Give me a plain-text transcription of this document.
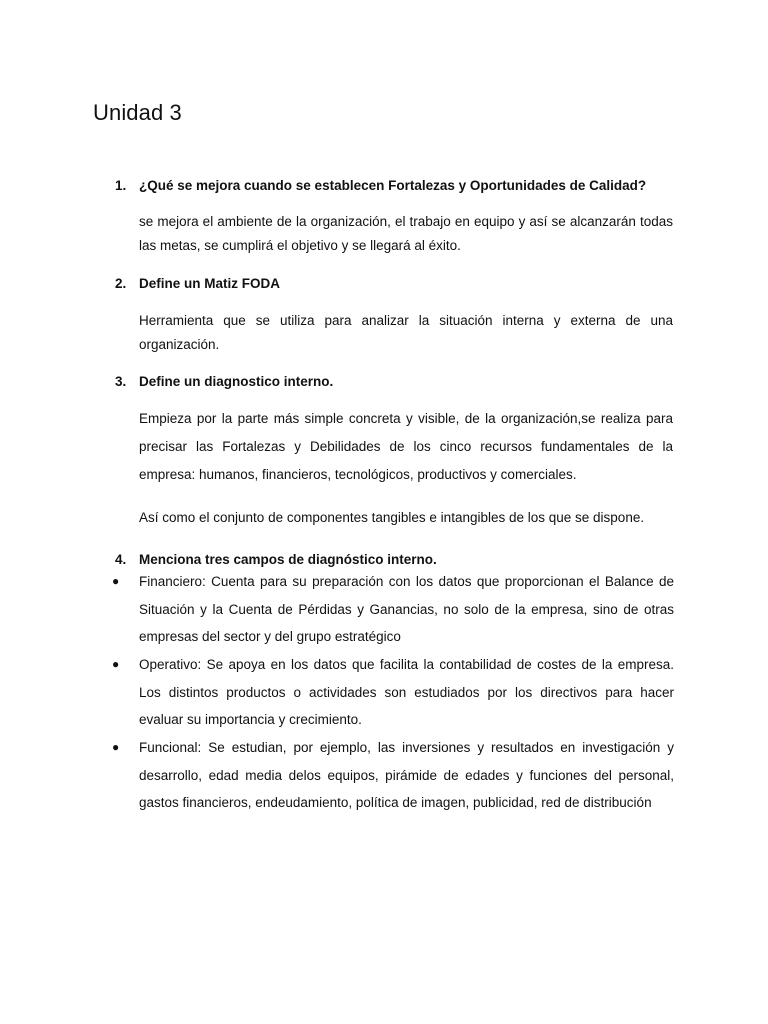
Unidad 3

1. ¿Qué se mejora cuando se establecen Fortalezas y Oportunidades de Calidad?

se mejora el ambiente de la organización, el trabajo en equipo y así se alcanzarán todas las metas, se cumplirá el objetivo y se llegará al éxito.

2. Define un Matiz FODA

Herramienta que se utiliza para analizar la situación interna y externa de una organización.

3. Define un diagnostico interno.

Empieza por la parte más simple concreta y visible, de la organización,se realiza para precisar las Fortalezas y Debilidades de los cinco recursos fundamentales de la empresa: humanos, financieros, tecnológicos, productivos y comerciales.

Así como el conjunto de componentes tangibles e intangibles de los que se dispone.

4. Menciona tres campos de diagnóstico interno.

●	Financiero: Cuenta para su preparación con los datos que proporcionan el Balance de Situación y la Cuenta de Pérdidas y Ganancias, no solo de la empresa, sino de otras empresas del sector y del grupo estratégico
●	Operativo: Se apoya en los datos que facilita la contabilidad de costes de la empresa. Los distintos productos o actividades son estudiados por los directivos para hacer evaluar su importancia y crecimiento.
●	Funcional: Se estudian, por ejemplo, las inversiones y resultados en investigación y desarrollo, edad media delos equipos, pirámide de edades y funciones del personal, gastos financieros, endeudamiento, política de imagen, publicidad, red de distribución
